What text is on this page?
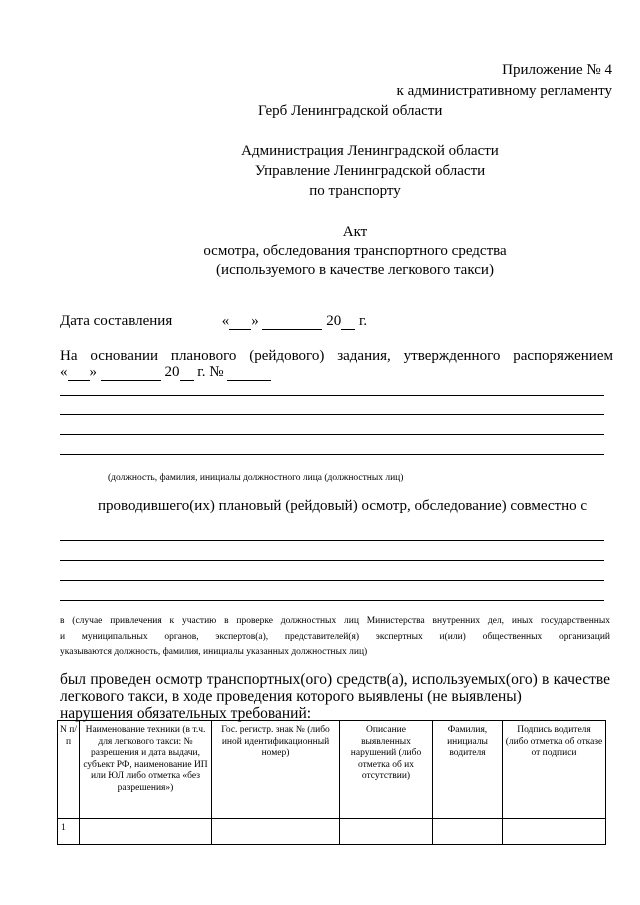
Приложение № 4
к административному регламенту
Герб Ленинградской области
Администрация Ленинградской области
Управление Ленинградской области
по транспорту
Акт
осмотра, обследования транспортного средства
(используемого в качестве легкового такси)
Дата составления	« »	20 г.
На основании планового (рейдового) задания, утвержденного распоряжением
« »	20 г. №
(должность, фамилия, инициалы должностного лица (должностных лиц)
проводившего(их) плановый (рейдовый) осмотр, обследование) совместно с
в (случае привлечения к участию в проверке должностных лиц Министерства внутренних дел, иных государственных
и муниципальных органов, экспертов(а), представителей(я) экспертных и(или) общественных организаций
указываются должность, фамилия, инициалы указанных должностных лиц)
был проведен осмотр транспортных(ого) средств(а), используемых(ого) в качестве
легкового такси, в ходе проведения которого выявлены (не выявлены)
нарушения обязательных требований:
N п/п	Наименование техники (в т.ч. для легкового такси: № разрешения и дата выдачи, субъект РФ, наименование ИП или ЮЛ либо отметка «без разрешения»)	Гос. регистр. знак № (либо иной идентификационный номер)	Описание выявленных нарушений (либо отметка об их отсутствии)	Фамилия, инициалы водителя	Подпись водителя (либо отметка об отказе от подписи
1					
